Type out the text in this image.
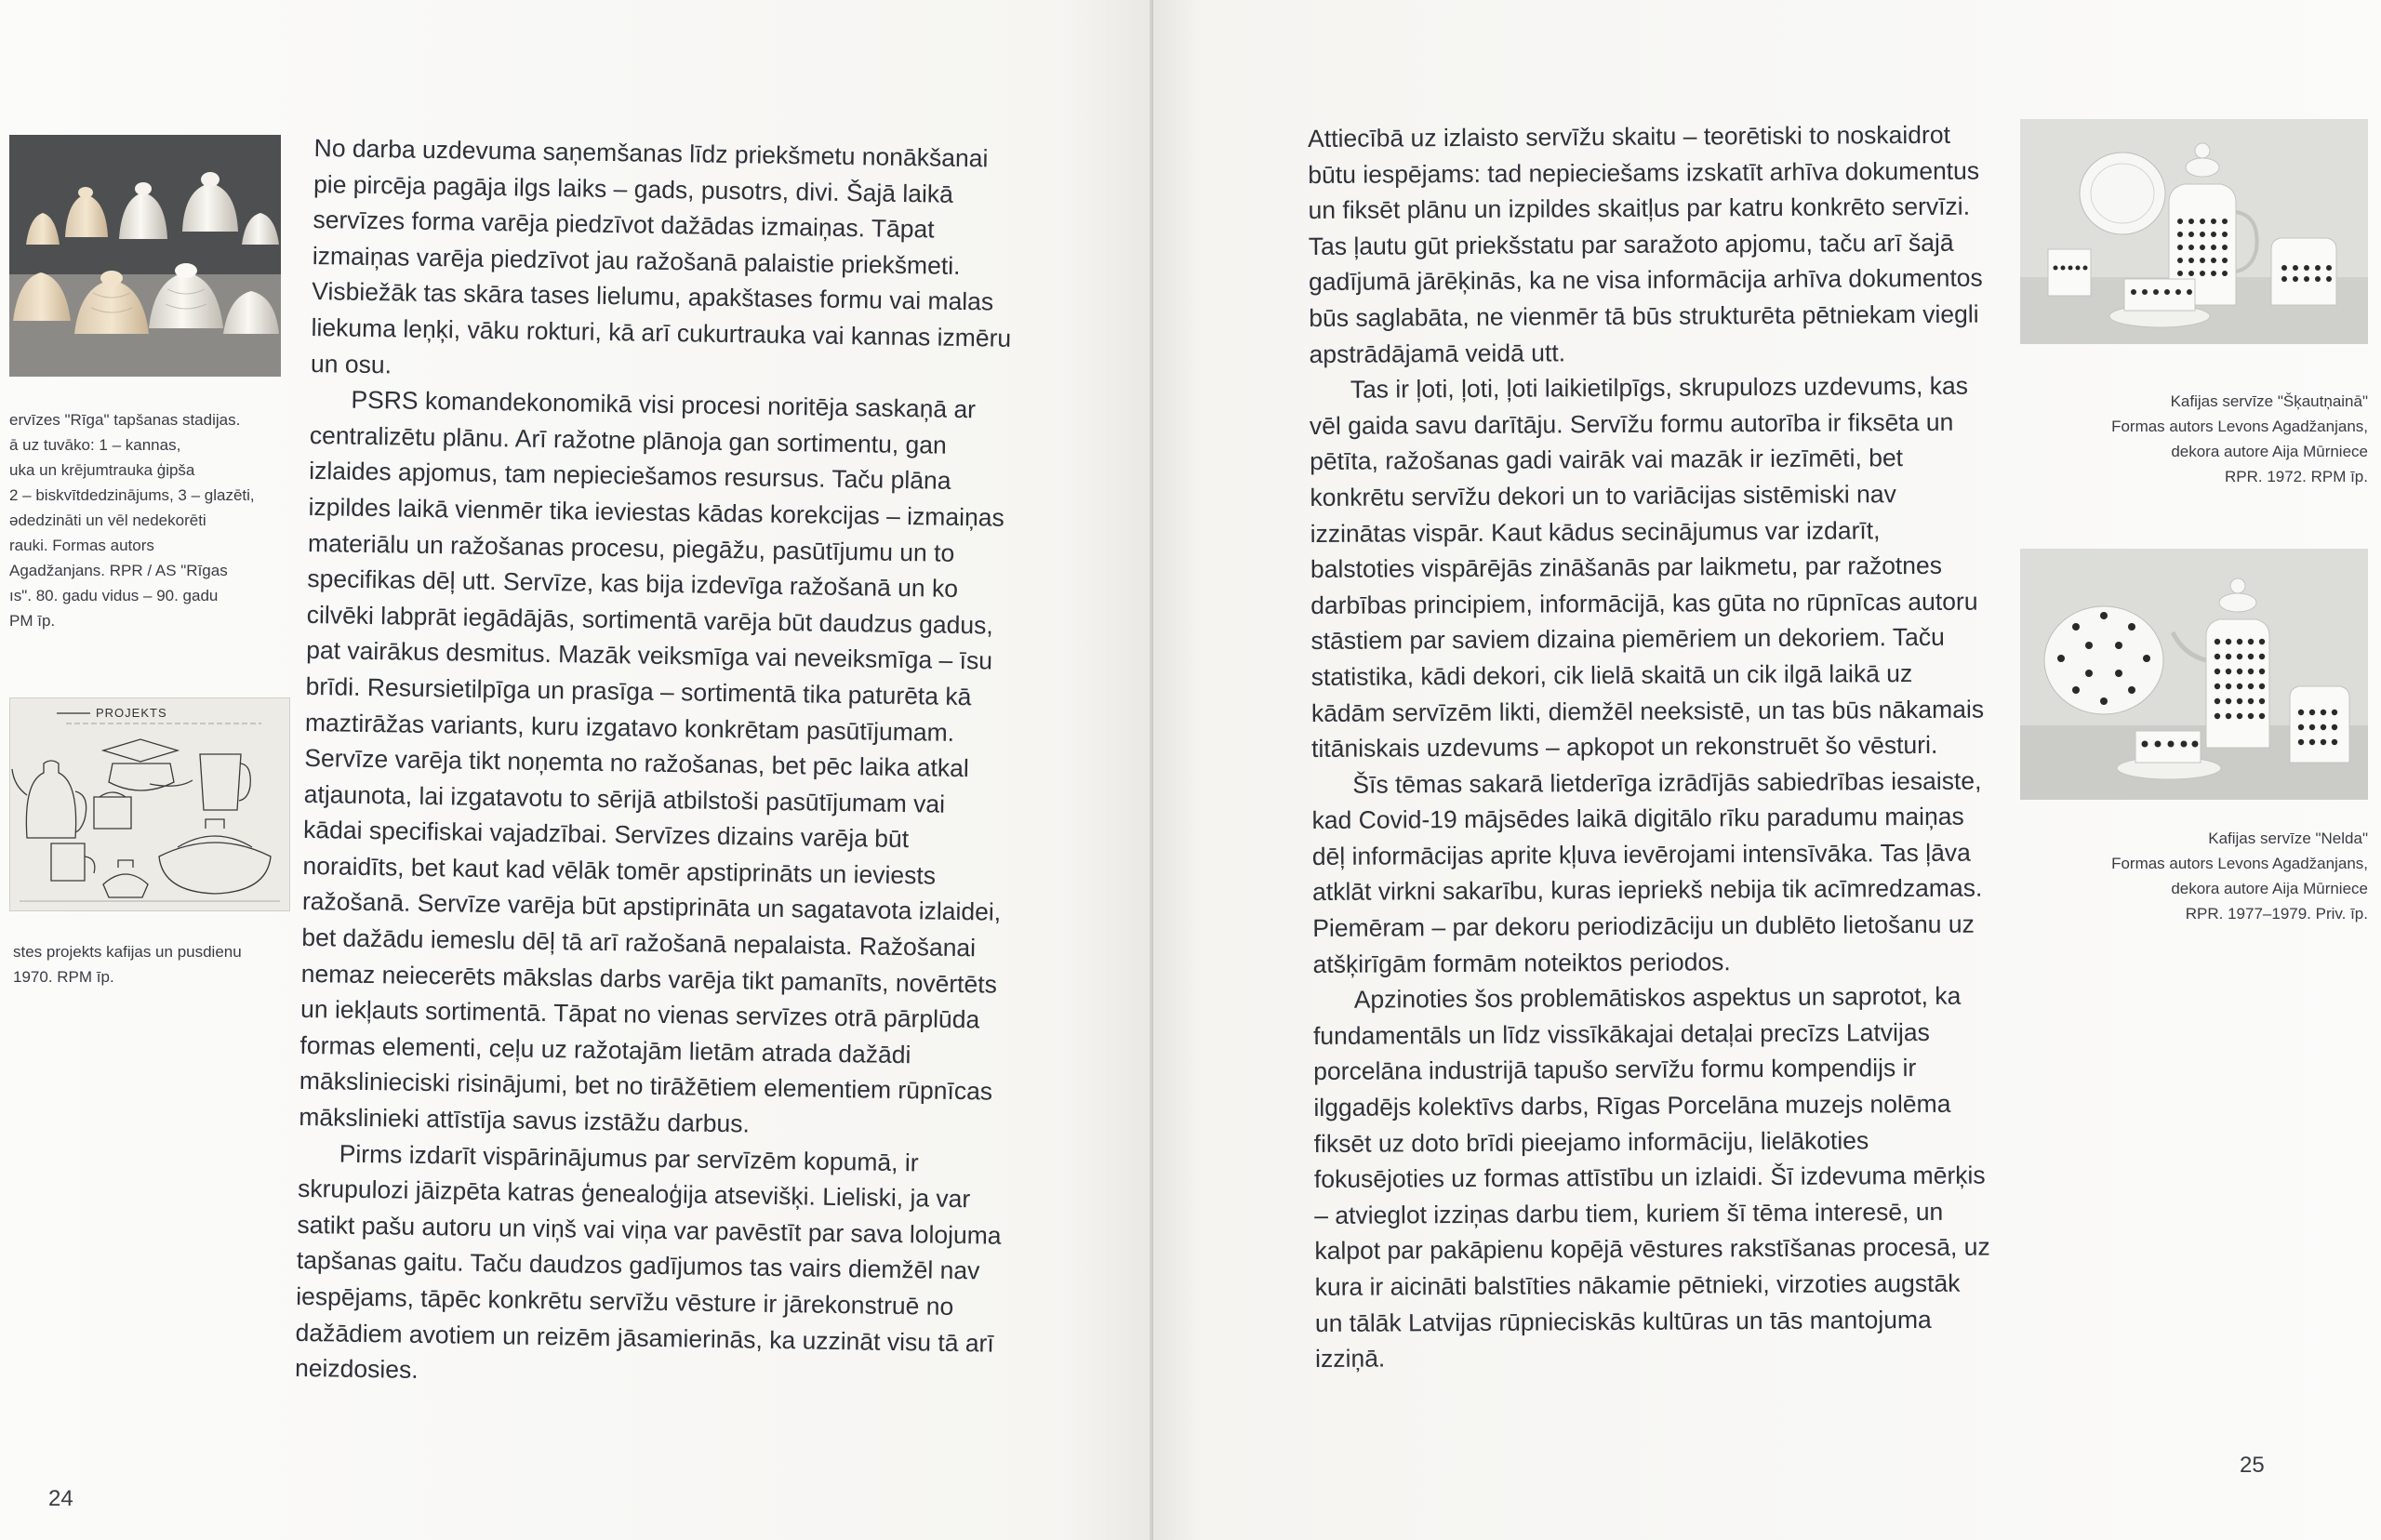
ervīzes "Rīga" tapšanas stadijas.
ā uz tuvāko: 1 – kannas,
uka un krējumtrauka ģipša
2 – biskvītdedzinājums, 3 – glazēti,
ədedzināti un vēl nedekorēti
rauki. Formas autors
Agadžanjans. RPR / AS "Rīgas
ıs". 80. gadu vidus – 90. gadu
PM īp.
PROJEKTS
stes projekts kafijas un pusdienu
1970. RPM īp.

No darba uzdevuma saņemšanas līdz priekšmetu nonākšanai pie pircēja pagāja ilgs laiks – gads, pusotrs, divi. Šajā laikā servīzes forma varēja piedzīvot dažādas izmaiņas. Tāpat izmaiņas varēja piedzīvot jau ražošanā palaistie priekšmeti. Visbiežāk tas skāra tases lielumu, apakštases formu vai malas liekuma leņķi, vāku rokturi, kā arī cukurtrauka vai kannas izmēru un osu.

PSRS komandekonomikā visi procesi noritēja saskaņā ar centralizētu plānu. Arī ražotne plānoja gan sortimentu, gan izlaides apjomus, tam nepieciešamos resursus. Taču plāna izpildes laikā vienmēr tika ieviestas kādas korekcijas – izmaiņas materiālu un ražošanas procesu, piegāžu, pasūtījumu un to specifikas dēļ utt. Servīze, kas bija izdevīga ražošanā un ko cilvēki labprāt iegādājās, sortimentā varēja būt daudzus gadus, pat vairākus desmitus. Mazāk veiksmīga vai neveiksmīga – īsu brīdi. Resursietilpīga un prasīga – sortimentā tika paturēta kā maztirāžas variants, kuru izgatavo konkrētam pasūtījumam. Servīze varēja tikt noņemta no ražošanas, bet pēc laika atkal atjaunota, lai izgatavotu to sērijā atbilstoši pasūtījumam vai kādai specifiskai vajadzībai. Servīzes dizains varēja būt noraidīts, bet kaut kad vēlāk tomēr apstiprināts un ieviests ražošanā. Servīze varēja būt apstiprināta un sagatavota izlaidei, bet dažādu iemeslu dēļ tā arī ražošanā nepalaista. Ražošanai nemaz neiecerēts mākslas darbs varēja tikt pamanīts, novērtēts un iekļauts sortimentā. Tāpat no vienas servīzes otrā pārplūda formas elementi, ceļu uz ražotajām lietām atrada dažādi mākslinieciski risinājumi, bet no tirāžētiem elementiem rūpnīcas mākslinieki attīstīja savus izstāžu darbus.

Pirms izdarīt vispārinājumus par servīzēm kopumā, ir skrupulozi jāizpēta katras ģenealoģija atsevišķi. Lieliski, ja var satikt pašu autoru un viņš vai viņa var pavēstīt par sava lolojuma tapšanas gaitu. Taču daudzos gadījumos tas vairs diemžēl nav iespējams, tāpēc konkrētu servīžu vēsture ir jārekonstruē no dažādiem avotiem un reizēm jāsamierinās, ka uzzināt visu tā arī neizdosies.

24

Attiecībā uz izlaisto servīžu skaitu – teorētiski to noskaidrot būtu iespējams: tad nepieciešams izskatīt arhīva dokumentus un fiksēt plānu un izpildes skaitļus par katru konkrēto servīzi. Tas ļautu gūt priekšstatu par saražoto apjomu, taču arī šajā gadījumā jārēķinās, ka ne visa informācija arhīva dokumentos būs saglabāta, ne vienmēr tā būs strukturēta pētniekam viegli apstrādājamā veidā utt.

Tas ir ļoti, ļoti, ļoti laikietilpīgs, skrupulozs uzdevums, kas vēl gaida savu darītāju. Servīžu formu autorība ir fiksēta un pētīta, ražošanas gadi vairāk vai mazāk ir iezīmēti, bet konkrētu servīžu dekori un to variācijas sistēmiski nav izzinātas vispār. Kaut kādus secinājumus var izdarīt, balstoties vispārējās zināšanās par laikmetu, par ražotnes darbības principiem, informācijā, kas gūta no rūpnīcas autoru stāstiem par saviem dizaina piemēriem un dekoriem. Taču statistika, kādi dekori, cik lielā skaitā un cik ilgā laikā uz kādām servīzēm likti, diemžēl neeksistē, un tas būs nākamais titāniskais uzdevums – apkopot un rekonstruēt šo vēsturi.

Šīs tēmas sakarā lietderīga izrādījās sabiedrības iesaiste, kad Covid-19 mājsēdes laikā digitālo rīku paradumu maiņas dēļ informācijas aprite kļuva ievērojami intensīvāka. Tas ļāva atklāt virkni sakarību, kuras iepriekš nebija tik acīmredzamas. Piemēram – par dekoru periodizāciju un dublēto lietošanu uz atšķirīgām formām noteiktos periodos.

Apzinoties šos problemātiskos aspektus un saprotot, ka fundamentāls un līdz vissīkākajai detaļai precīzs Latvijas porcelāna industrijā tapušo servīžu formu kompendijs ir ilggadējs kolektīvs darbs, Rīgas Porcelāna muzejs nolēma fiksēt uz doto brīdi pieejamo informāciju, lielākoties fokusējoties uz formas attīstību un izlaidi. Šī izdevuma mērķis – atvieglot izziņas darbu tiem, kuriem šī tēma interesē, un kalpot par pakāpienu kopējā vēstures rakstīšanas procesā, uz kura ir aicināti balstīties nākamie pētnieki, virzoties augstāk un tālāk Latvijas rūpnieciskās kultūras un tās mantojuma izziņā.

Kafijas servīze "Šķautņainā"
Formas autors Levons Agadžanjans,
dekora autore Aija Mūrniece
RPR. 1972. RPM īp.
Kafijas servīze "Nelda"
Formas autors Levons Agadžanjans,
dekora autore Aija Mūrniece
RPR. 1977–1979. Priv. īp.
25
